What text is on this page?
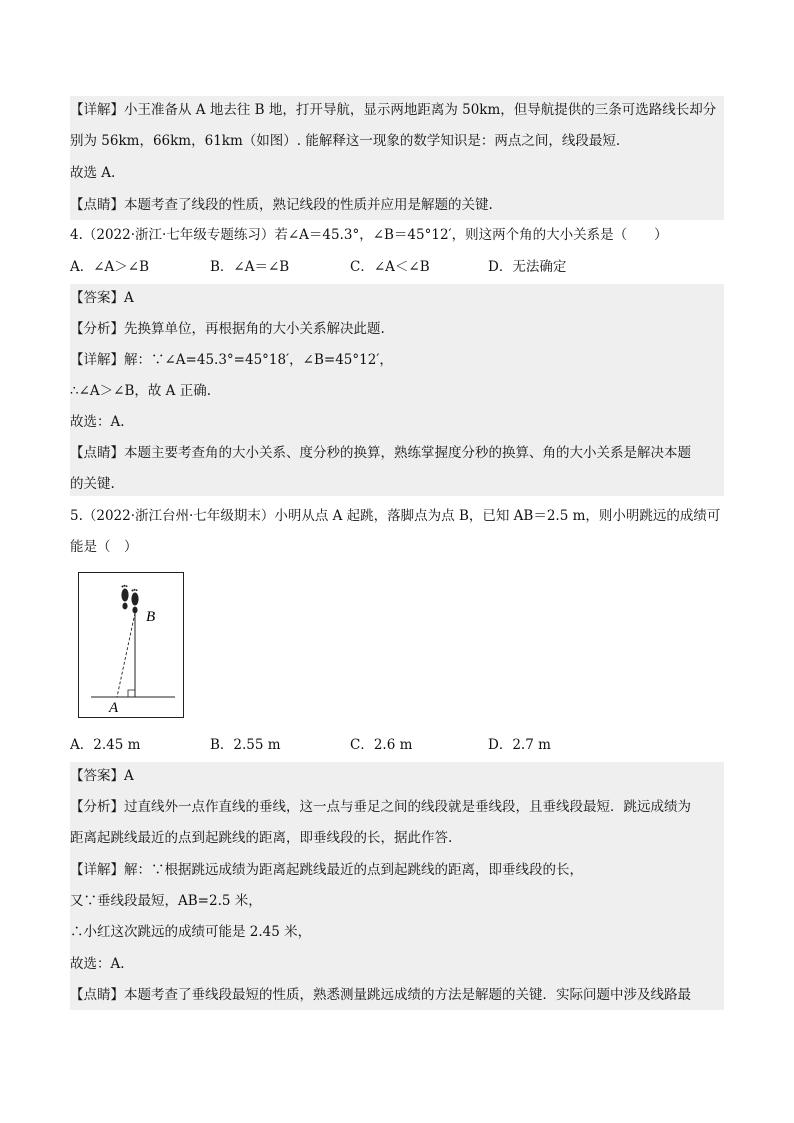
【详解】小王准备从 A 地去往 B 地，打开导航，显示两地距离为 50km，但导航提供的三条可选路线长却分
别为 56km，66km，61km（如图）. 能解释这一现象的数学知识是：两点之间，线段最短.
故选 A.
【点睛】本题考查了线段的性质，熟记线段的性质并应用是解题的关键.
4.（2022·浙江·七年级专题练习）若∠A＝45.3°，∠B＝45°12′，则这两个角的大小关系是（　　）
A．∠A＞∠B	B．∠A＝∠B	C．∠A＜∠B	D．无法确定
【答案】A
【分析】先换算单位，再根据角的大小关系解决此题.
【详解】解：∵∠A=45.3°=45°18′，∠B=45°12′，
∴∠A＞∠B，故 A 正确.
故选：A.
【点睛】本题主要考查角的大小关系、度分秒的换算，熟练掌握度分秒的换算、角的大小关系是解决本题
的关键.
5.（2022·浙江台州·七年级期末）小明从点 A 起跳，落脚点为点 B，已知 AB＝2.5 m，则小明跳远的成绩可
能是（　）
B
A
A．2.45 m	B．2.55 m	C．2.6 m	D．2.7 m
【答案】A
【分析】过直线外一点作直线的垂线，这一点与垂足之间的线段就是垂线段，且垂线段最短．跳远成绩为
距离起跳线最近的点到起跳线的距离，即垂线段的长，据此作答.
【详解】解：∵根据跳远成绩为距离起跳线最近的点到起跳线的距离，即垂线段的长，
又∵垂线段最短，AB=2.5 米，
∴小红这次跳远的成绩可能是 2.45 米，
故选：A.
【点睛】本题考查了垂线段最短的性质，熟悉测量跳远成绩的方法是解题的关键．实际问题中涉及线路最
